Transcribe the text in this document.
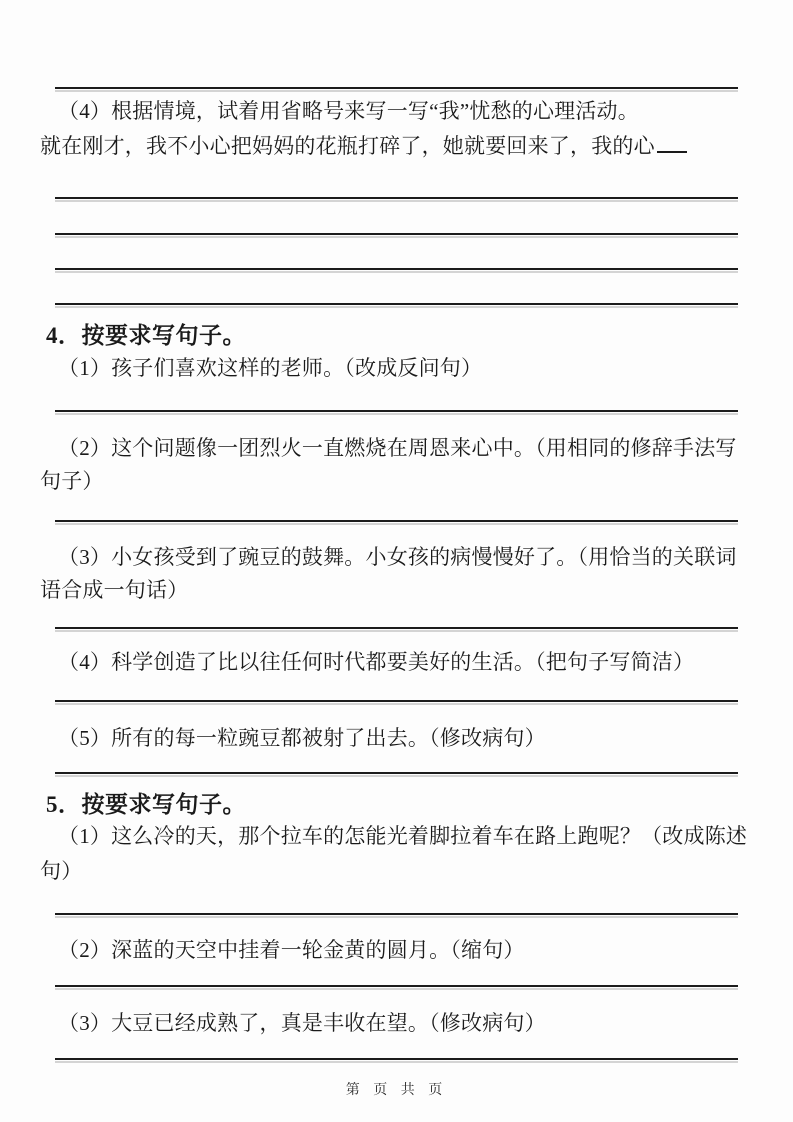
（4）根据情境，试着用省略号来写一写“我”忧愁的心理活动。

就在刚才，我不小心把妈妈的花瓶打碎了，她就要回来了，我的心

4．按要求写句子。

（1）孩子们喜欢这样的老师。（改成反问句）

（2）这个问题像一团烈火一直燃烧在周恩来心中。（用相同的修辞手法写句子）

（3）小女孩受到了豌豆的鼓舞。小女孩的病慢慢好了。（用恰当的关联词语合成一句话）

（4）科学创造了比以往任何时代都要美好的生活。（把句子写简洁）

（5）所有的每一粒豌豆都被射了出去。（修改病句）

5．按要求写句子。

（1）这么冷的天，那个拉车的怎能光着脚拉着车在路上跑呢？（改成陈述句）

（2）深蓝的天空中挂着一轮金黄的圆月。（缩句）

（3）大豆已经成熟了，真是丰收在望。（修改病句）

第 页 共 页
